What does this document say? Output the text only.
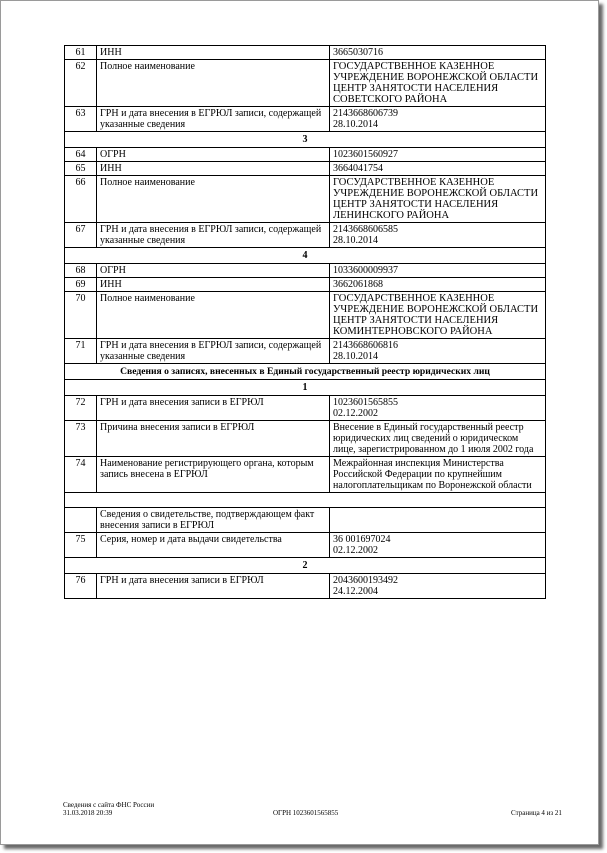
61	ИНН	3665030716
62	Полное наименование	ГОСУДАРСТВЕННОЕ КАЗЕННОЕ УЧРЕЖДЕНИЕ ВОРОНЕЖСКОЙ ОБЛАСТИ ЦЕНТР ЗАНЯТОСТИ НАСЕЛЕНИЯ СОВЕТСКОГО РАЙОНА
63	ГРН и дата внесения в ЕГРЮЛ записи, содержащей указанные сведения	2143668606739
28.10.2014
3		
64	ОГРН	1023601560927
65	ИНН	3664041754
66	Полное наименование	ГОСУДАРСТВЕННОЕ КАЗЕННОЕ УЧРЕЖДЕНИЕ ВОРОНЕЖСКОЙ ОБЛАСТИ ЦЕНТР ЗАНЯТОСТИ НАСЕЛЕНИЯ ЛЕНИНСКОГО РАЙОНА
67	ГРН и дата внесения в ЕГРЮЛ записи, содержащей указанные сведения	2143668606585
28.10.2014
4		
68	ОГРН	1033600009937
69	ИНН	3662061868
70	Полное наименование	ГОСУДАРСТВЕННОЕ КАЗЕННОЕ УЧРЕЖДЕНИЕ ВОРОНЕЖСКОЙ ОБЛАСТИ ЦЕНТР ЗАНЯТОСТИ НАСЕЛЕНИЯ КОМИНТЕРНОВСКОГО РАЙОНА
71	ГРН и дата внесения в ЕГРЮЛ записи, содержащей указанные сведения	2143668606816
28.10.2014
Сведения о записях, внесенных в Единый государственный реестр юридических лиц		
1		
72	ГРН и дата внесения записи в ЕГРЮЛ	1023601565855
02.12.2002
73	Причина внесения записи в ЕГРЮЛ	Внесение в Единый государственный реестр юридических лиц сведений о юридическом лице, зарегистрированном до 1 июля 2002 года
74	Наименование регистрирующего органа, которым запись внесена в ЕГРЮЛ	Межрайонная инспекция Министерства Российской Федерации по крупнейшим налогоплательщикам по Воронежской области

	Сведения о свидетельстве, подтверждающем факт внесения записи в ЕГРЮЛ	
75	Серия, номер и дата выдачи свидетельства	36 001697024
02.12.2002
2		
76	ГРН и дата внесения записи в ЕГРЮЛ	2043600193492
24.12.2004
Сведения с сайта ФНС России
31.03.2018 20:39	ОГРН 1023601565855	Страница 4 из 21
